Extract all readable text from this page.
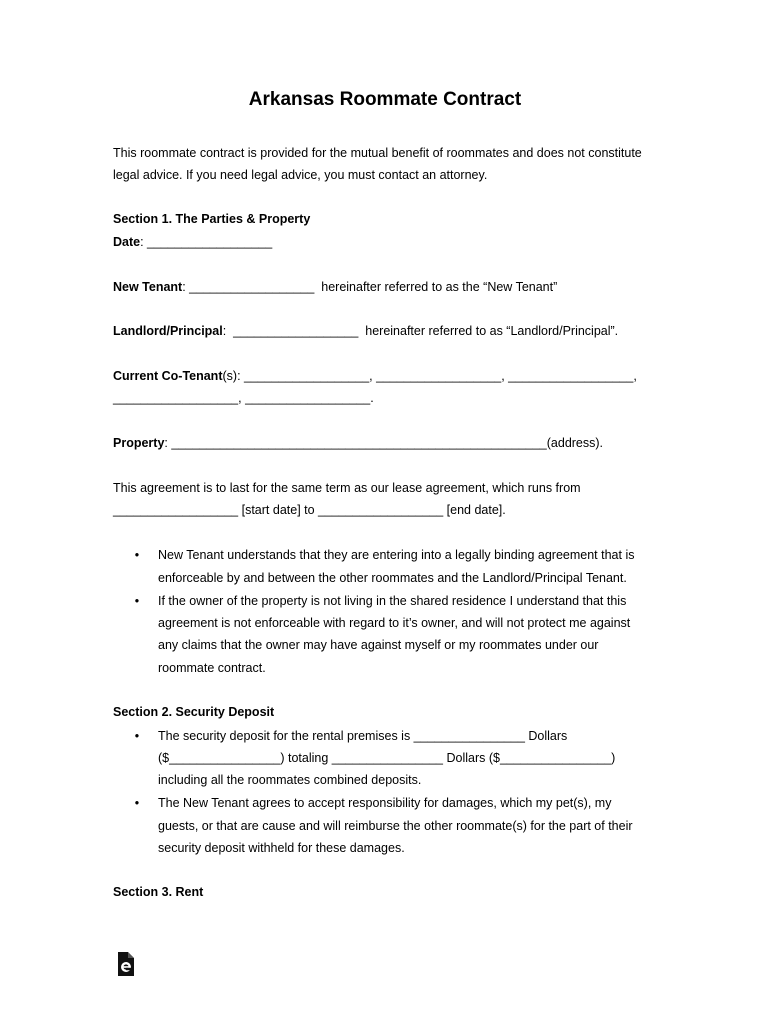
Arkansas Roommate Contract

This roommate contract is provided for the mutual benefit of roommates and does not constitute

legal advice. If you need legal advice, you must contact an attorney.

Section 1. The Parties & Property

Date: __________________

New Tenant: __________________  hereinafter referred to as the “New Tenant”

Landlord/Principal:  __________________  hereinafter referred to as “Landlord/Principal”.

Current Co-Tenant(s): __________________, __________________, __________________,

__________________, __________________.

Property: ______________________________________________________(address).

This agreement is to last for the same term as our lease agreement, which runs from

__________________ [start date] to __________________ [end date].

• New Tenant understands that they are entering into a legally binding agreement that is

enforceable by and between the other roommates and the Landlord/Principal Tenant.

• If the owner of the property is not living in the shared residence I understand that this

agreement is not enforceable with regard to it’s owner, and will not protect me against

any claims that the owner may have against myself or my roommates under our

roommate contract.

Section 2. Security Deposit

• The security deposit for the rental premises is ________________ Dollars

($________________) totaling ________________ Dollars ($________________)

including all the roommates combined deposits.

• The New Tenant agrees to accept responsibility for damages, which my pet(s), my

guests, or that are cause and will reimburse the other roommate(s) for the part of their

security deposit withheld for these damages.

Section 3. Rent
